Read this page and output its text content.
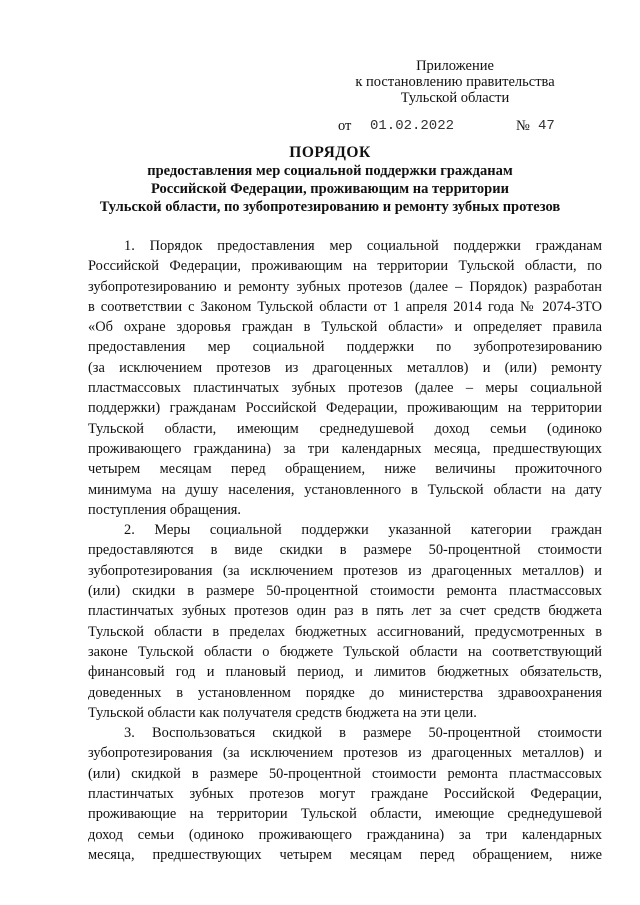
Приложение
к постановлению правительства
Тульской области
от 01.02.2022	№ 47
ПОРЯДОК
предоставления мер социальной поддержки гражданам
Российской Федерации, проживающим на территории
Тульской области, по зубопротезированию и ремонту зубных протезов
1. Порядок предоставления мер социальной поддержки гражданам
Российской Федерации, проживающим на территории Тульской области, по
зубопротезированию и ремонту зубных протезов (далее – Порядок) разработан
в соответствии с Законом Тульской области от 1 апреля 2014 года № 2074-ЗТО
«Об охране здоровья граждан в Тульской области» и определяет правила
предоставления мер социальной поддержки по зубопротезированию
(за исключением протезов из драгоценных металлов) и (или) ремонту
пластмассовых пластинчатых зубных протезов (далее – меры социальной
поддержки) гражданам Российской Федерации, проживающим на территории
Тульской области, имеющим среднедушевой доход семьи (одиноко
проживающего гражданина) за три календарных месяца, предшествующих
четырем месяцам перед обращением, ниже величины прожиточного
минимума на душу населения, установленного в Тульской области на дату
поступления обращения.
2. Меры социальной поддержки указанной категории граждан
предоставляются в виде скидки в размере 50-процентной стоимости
зубопротезирования (за исключением протезов из драгоценных металлов) и
(или) скидки в размере 50-процентной стоимости ремонта пластмассовых
пластинчатых зубных протезов один раз в пять лет за счет средств бюджета
Тульской области в пределах бюджетных ассигнований, предусмотренных в
законе Тульской области о бюджете Тульской области на соответствующий
финансовый год и плановый период, и лимитов бюджетных обязательств,
доведенных в установленном порядке до министерства здравоохранения
Тульской области как получателя средств бюджета на эти цели.
3. Воспользоваться скидкой в размере 50-процентной стоимости
зубопротезирования (за исключением протезов из драгоценных металлов) и
(или) скидкой в размере 50-процентной стоимости ремонта пластмассовых
пластинчатых зубных протезов могут граждане Российской Федерации,
проживающие на территории Тульской области, имеющие среднедушевой
доход семьи (одиноко проживающего гражданина) за три календарных
месяца, предшествующих четырем месяцам перед обращением, ниже
